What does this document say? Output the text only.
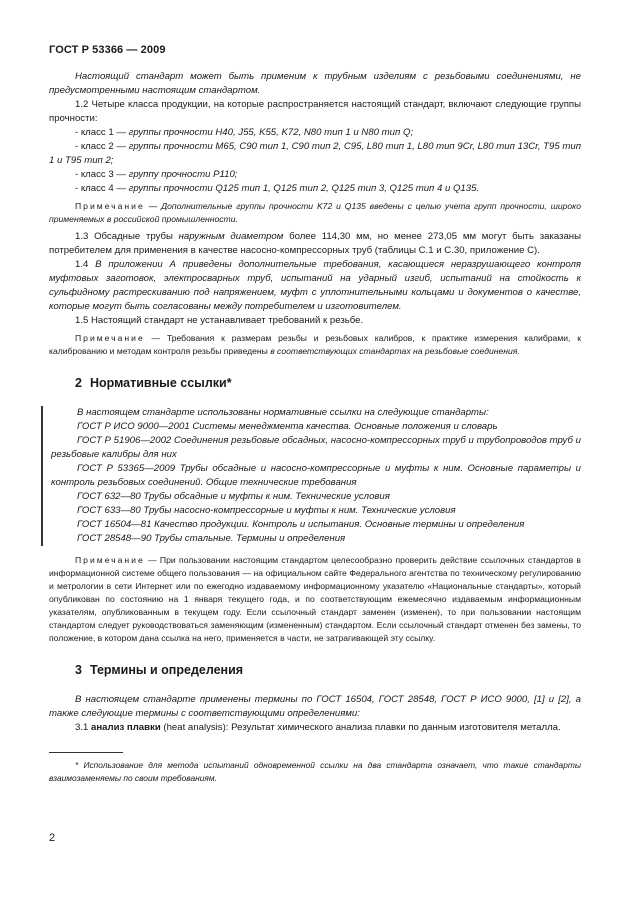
ГОСТ Р 53366 — 2009

Настоящий стандарт может быть применим к трубным изделиям с резьбовыми соединениями, не предусмотренными настоящим стандартом.

1.2 Четыре класса продукции, на которые распространяется настоящий стандарт, включают следующие группы прочности:

- класс 1 — группы прочности Н40, J55, K55, K72, N80 тип 1 и N80 тип Q;

- класс 2 — группы прочности M65, C90 тип 1, C90 тип 2, C95, L80 тип 1, L80 тип 9Cr, L80 тип 13Cr, T95 тип 1 и T95 тип 2;

- класс 3 — группу прочности P110;

- класс 4 — группы прочности Q125 тип 1, Q125 тип 2, Q125 тип 3, Q125 тип 4 и Q135.

Примечание — Дополнительные группы прочности K72 и Q135 введены с целью учета групп прочности, широко применяемых в российской промышленности.

1.3 Обсадные трубы наружным диаметром более 114,30 мм, но менее 273,05 мм могут быть заказаны потребителем для применения в качестве насосно-компрессорных труб (таблицы С.1 и С.30, приложение С).

1.4 В приложении А приведены дополнительные требования, касающиеся неразрушающего контроля муфтовых заготовок, электросварных труб, испытаний на ударный изгиб, испытаний на стойкость к сульфидному растрескиванию под напряжением, муфт с уплотнительными кольцами и документов о качестве, которые могут быть согласованы между потребителем и изготовителем.

1.5 Настоящий стандарт не устанавливает требований к резьбе.

Примечание — Требования к размерам резьбы и резьбовых калибров, к практике измерения калибрами, к калиброванию и методам контроля резьбы приведены в соответствующих стандартах на резьбовые соединения.

2 Нормативные ссылки*

В настоящем стандарте использованы нормативные ссылки на следующие стандарты:

ГОСТ Р ИСО 9000—2001 Системы менеджмента качества. Основные положения и словарь

ГОСТ Р 51906—2002 Соединения резьбовые обсадных, насосно-компрессорных труб и трубопроводов труб и резьбовые калибры для них

ГОСТ Р 53365—2009 Трубы обсадные и насосно-компрессорные и муфты к ним. Основные параметры и контроль резьбовых соединений. Общие технические требования

ГОСТ 632—80 Трубы обсадные и муфты к ним. Технические условия

ГОСТ 633—80 Трубы насосно-компрессорные и муфты к ним. Технические условия

ГОСТ 16504—81 Качество продукции. Контроль и испытания. Основные термины и определения

ГОСТ 28548—90 Трубы стальные. Термины и определения

Примечание — При пользовании настоящим стандартом целесообразно проверить действие ссылочных стандартов в информационной системе общего пользования — на официальном сайте Федерального агентства по техническому регулированию и метрологии в сети Интернет или по ежегодно издаваемому информационному указателю «Национальные стандарты», который опубликован по состоянию на 1 января текущего года, и по соответствующим ежемесячно издаваемым информационным указателям, опубликованным в текущем году. Если ссылочный стандарт заменен (изменен), то при пользовании настоящим стандартом следует руководствоваться заменяющим (измененным) стандартом. Если ссылочный стандарт отменен без замены, то положение, в котором дана ссылка на него, применяется в части, не затрагивающей эту ссылку.

3 Термины и определения

В настоящем стандарте применены термины по ГОСТ 16504, ГОСТ 28548, ГОСТ Р ИСО 9000, [1] и [2], а также следующие термины с соответствующими определениями:

3.1 анализ плавки (heat analysis): Результат химического анализа плавки по данным изготовителя металла.

* Использование для метода испытаний одновременной ссылки на два стандарта означает, что такие стандарты взаимозаменяемы по своим требованиям.

2
